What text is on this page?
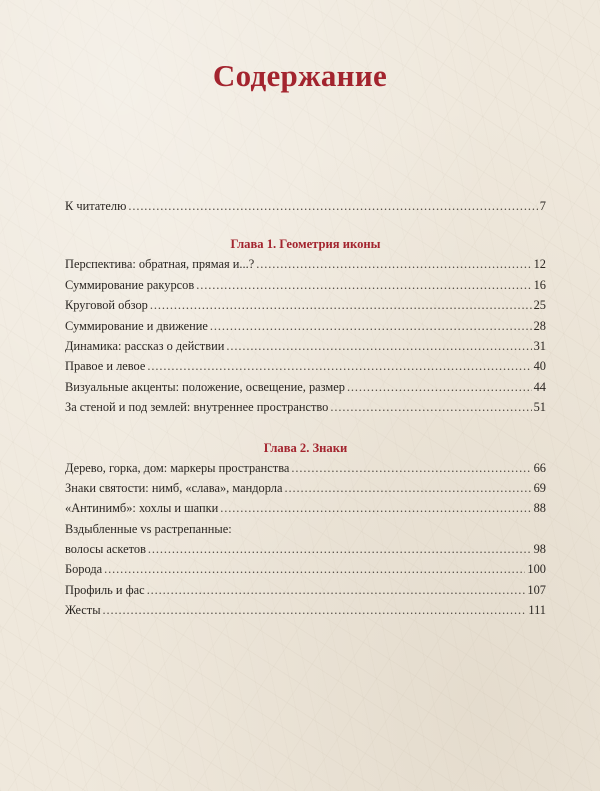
Содержание
К читателю . . .	7
Глава 1. Геометрия иконы
Перспектива: обратная, прямая и...? . . .	12
Суммирование ракурсов . . .	16
Круговой обзор . . .	25
Суммирование и движение . . .	28
Динамика: рассказ о действии . . .	31
Правое и левое . . .	40
Визуальные акценты: положение, освещение, размер . . .	44
За стеной и под землей: внутреннее пространство . . .	51
Глава 2. Знаки
Дерево, горка, дом: маркеры пространства . . .	66
Знаки святости: нимб, «слава», мандорла . . .	69
«Антинимб»: хохлы и шапки . . .	88
Вздыбленные vs растрепанные:
волосы аскетов . . .	98
Борода . . .	100
Профиль и фас . . .	107
Жесты . . .	111
